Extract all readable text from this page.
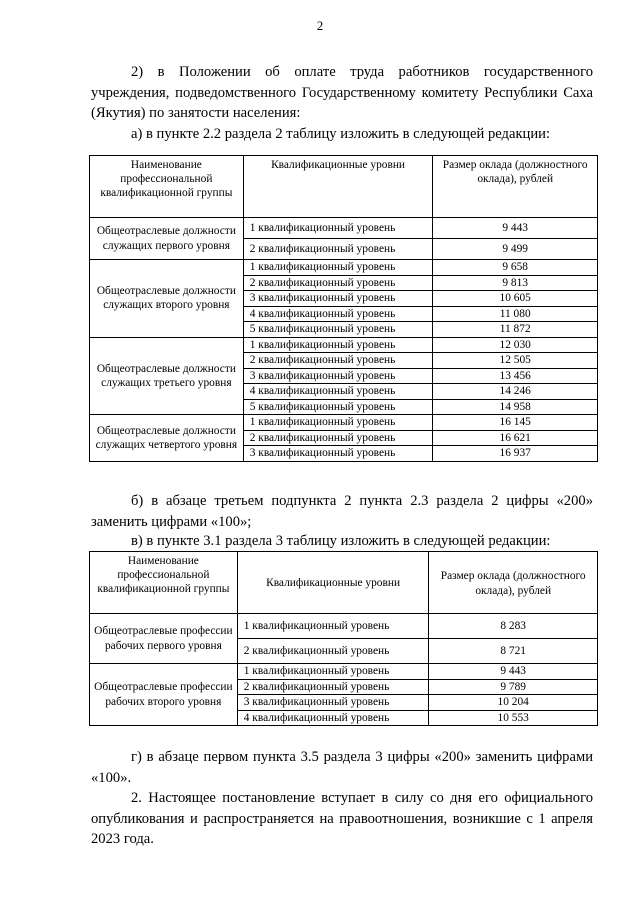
2

2) в Положении об оплате труда работников государственного учреждения, подведомственного Государственному комитету Республики Саха (Якутия) по занятости населения:

а) в пункте 2.2 раздела 2 таблицу изложить в следующей редакции:

Наименование профессиональной квалификационной группы	Квалификационные уровни	Размер оклада (должностного оклада), рублей
Общеотраслевые должности служащих первого уровня	1 квалификационный уровень	9 443
	2 квалификационный уровень	9 499
Общеотраслевые должности служащих второго уровня	1 квалификационный уровень	9 658
	2 квалификационный уровень	9 813
	3 квалификационный уровень	10 605
	4 квалификационный уровень	11 080
	5 квалификационный уровень	11 872
Общеотраслевые должности служащих третьего уровня	1 квалификационный уровень	12 030
	2 квалификационный уровень	12 505
	3 квалификационный уровень	13 456
	4 квалификационный уровень	14 246
	5 квалификационный уровень	14 958
Общеотраслевые должности служащих четвертого уровня	1 квалификационный уровень	16 145
	2 квалификационный уровень	16 621
	3 квалификационный уровень	16 937

б) в абзаце третьем подпункта 2 пункта 2.3 раздела 2 цифры «200» заменить цифрами «100»;

в) в пункте 3.1 раздела 3 таблицу изложить в следующей редакции:

Наименование профессиональной квалификационной группы	Квалификационные уровни	Размер оклада (должностного оклада), рублей
Общеотраслевые профессии рабочих первого уровня	1 квалификационный уровень	8 283
	2 квалификационный уровень	8 721
Общеотраслевые профессии рабочих второго уровня	1 квалификационный уровень	9 443
	2 квалификационный уровень	9 789
	3 квалификационный уровень	10 204
	4 квалификационный уровень	10 553

г) в абзаце первом пункта 3.5 раздела 3 цифры «200» заменить цифрами «100».

2. Настоящее постановление вступает в силу со дня его официального опубликования и распространяется на правоотношения, возникшие с 1 апреля 2023 года.
